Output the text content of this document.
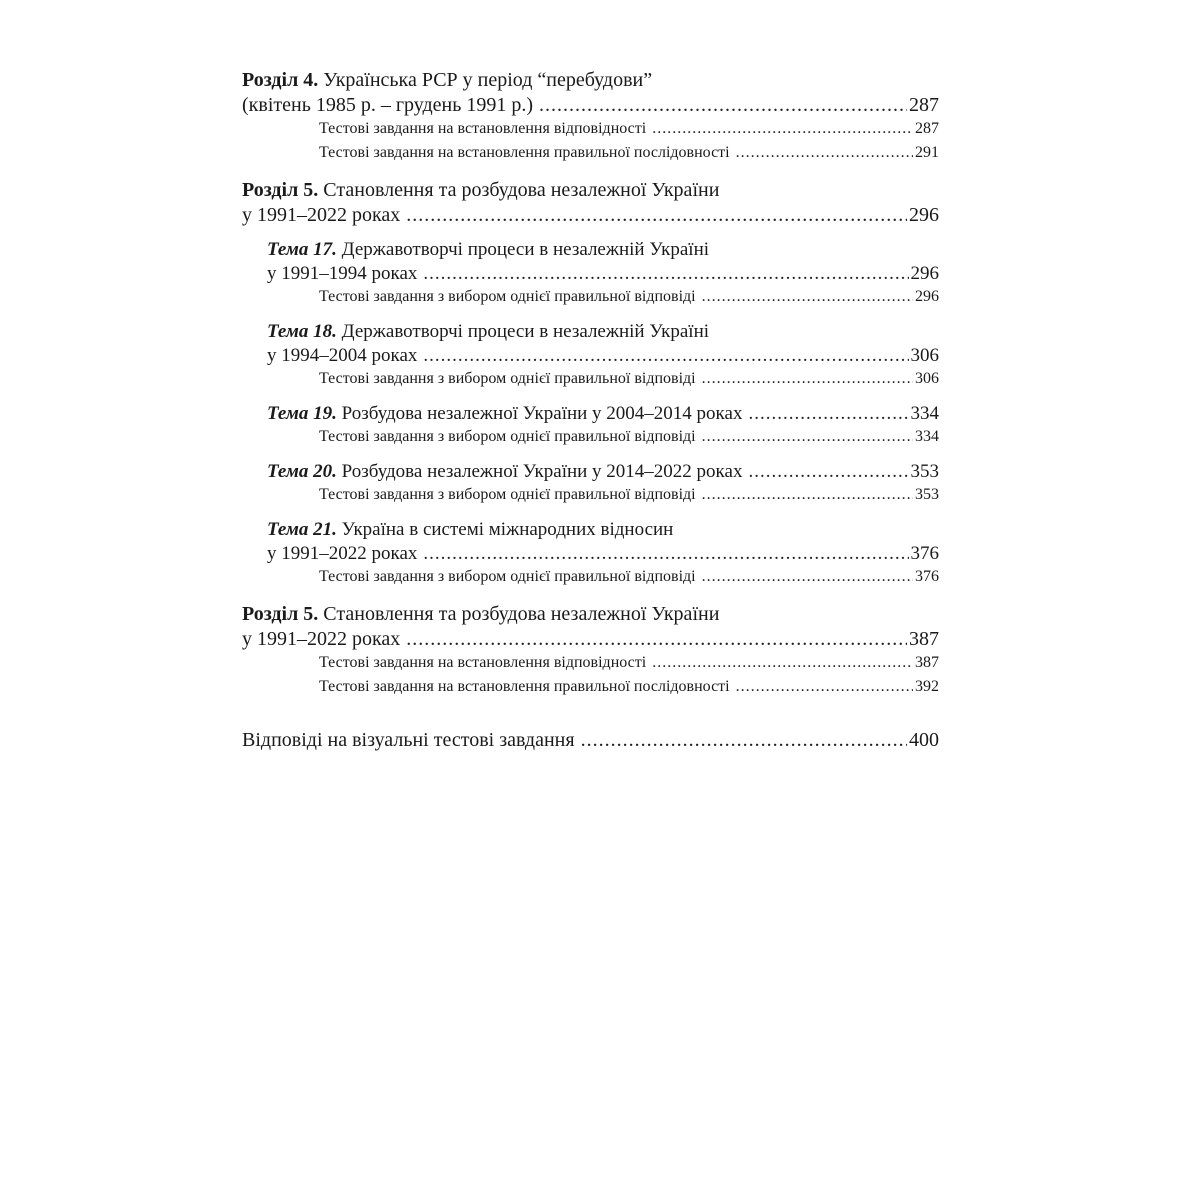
Розділ 4.
Українська РСР у період “перебудови”
(квітень 1985 р. – грудень 1991 р.) .....	287
Тестові завдання на встановлення відповідності .....	287
Тестові завдання на встановлення правильної послідовності .....	291
Розділ 5.
Становлення та розбудова незалежної України
у 1991–2022 роках .....	296
Тема 17.
Державотворчі процеси в незалежній Україні
у 1991–1994 роках .....	296
Тестові завдання з вибором однієї правильної відповіді .....	296
Тема 18.
Державотворчі процеси в незалежній Україні
у 1994–2004 роках .....	306
Тестові завдання з вибором однієї правильної відповіді .....	306
Тема 19.
Розбудова незалежної України у 2004–2014 роках .....	334
Тестові завдання з вибором однієї правильної відповіді .....	334
Тема 20.
Розбудова незалежної України у 2014–2022 роках .....	353
Тестові завдання з вибором однієї правильної відповіді .....	353
Тема 21.
Україна в системі міжнародних відносин
у 1991–2022 роках .....	376
Тестові завдання з вибором однієї правильної відповіді .....	376
Розділ 5.
Становлення та розбудова незалежної України
у 1991–2022 роках .....	387
Тестові завдання на встановлення відповідності .....	387
Тестові завдання на встановлення правильної послідовності .....	392
Відповіді на візуальні тестові завдання .....	400
